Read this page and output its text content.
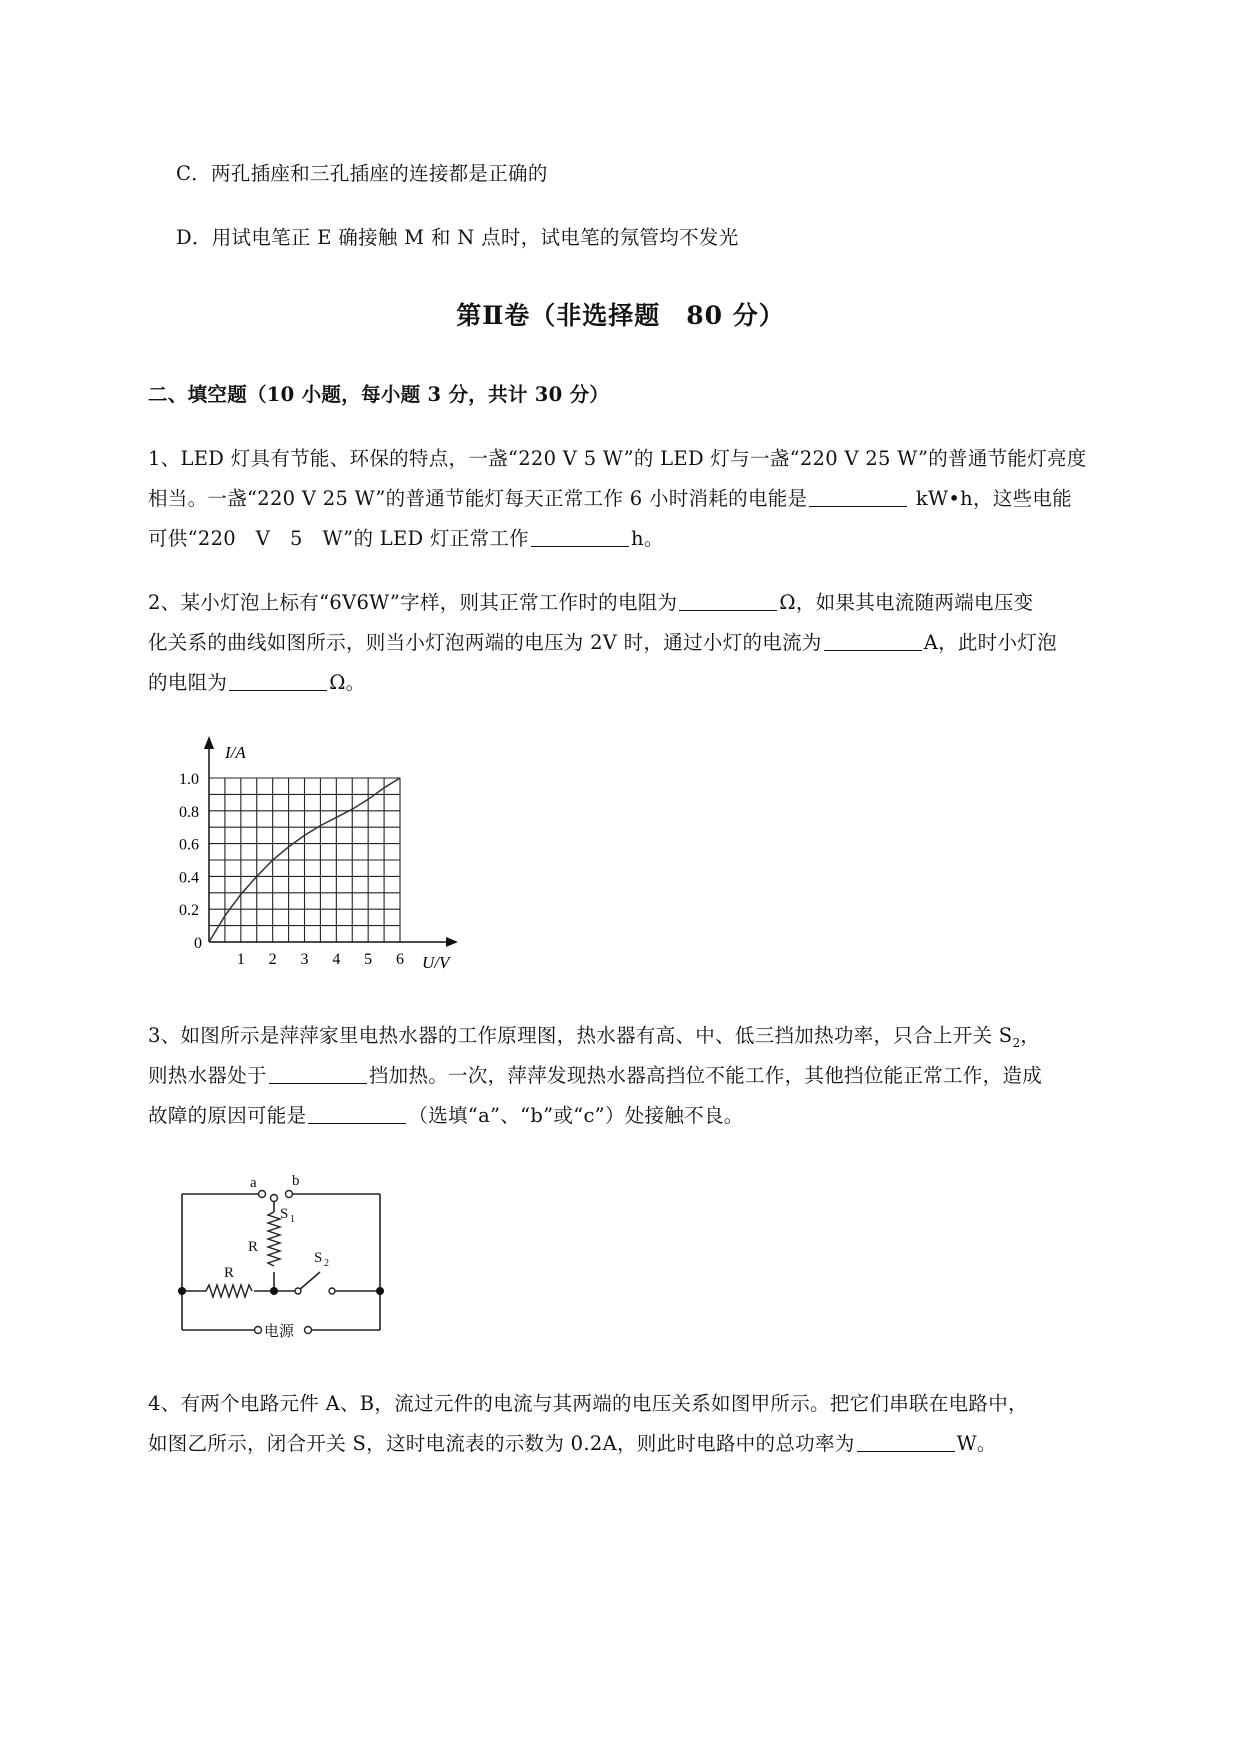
C．两孔插座和三孔插座的连接都是正确的
D．用试电笔正 E 确接触 M 和 N 点时，试电笔的氖管均不发光
第Ⅱ卷（非选择题　80 分）
二、填空题（10 小题，每小题 3 分，共计 30 分）
1、LED 灯具有节能、环保的特点，一盏“220 V 5 W”的 LED 灯与一盏“220 V 25 W”的普通节能灯亮度
相当。一盏“220 V 25 W”的普通节能灯每天正常工作 6 小时消耗的电能是	kW•h，这些电能
可供“220　V　5　W”的 LED 灯正常工作	h。
2、某小灯泡上标有“6V6W”字样，则其正常工作时的电阻为	Ω，如果其电流随两端电压变
化关系的曲线如图所示，则当小灯泡两端的电压为 2V 时，通过小灯的电流为	A，此时小灯泡
的电阻为	Ω。
1 2 3 4 5 6
0.2
0.4
0.6
0.8
1.0
I/A
U/V
0
3、如图所示是萍萍家里电热水器的工作原理图，热水器有高、中、低三挡加热功率，只合上开关 $S_2$，
则热水器处于	挡加热。一次，萍萍发现热水器高挡位不能工作，其他挡位能正常工作，造成
故障的原因可能是	（选填“a”、“b”或“c”）处接触不良。
a b
S 1
S 2
R
R
电源
4、有两个电路元件 A、B，流过元件的电流与其两端的电压关系如图甲所示。把它们串联在电路中，
如图乙所示，闭合开关 S，这时电流表的示数为 0.2A，则此时电路中的总功率为	W。
